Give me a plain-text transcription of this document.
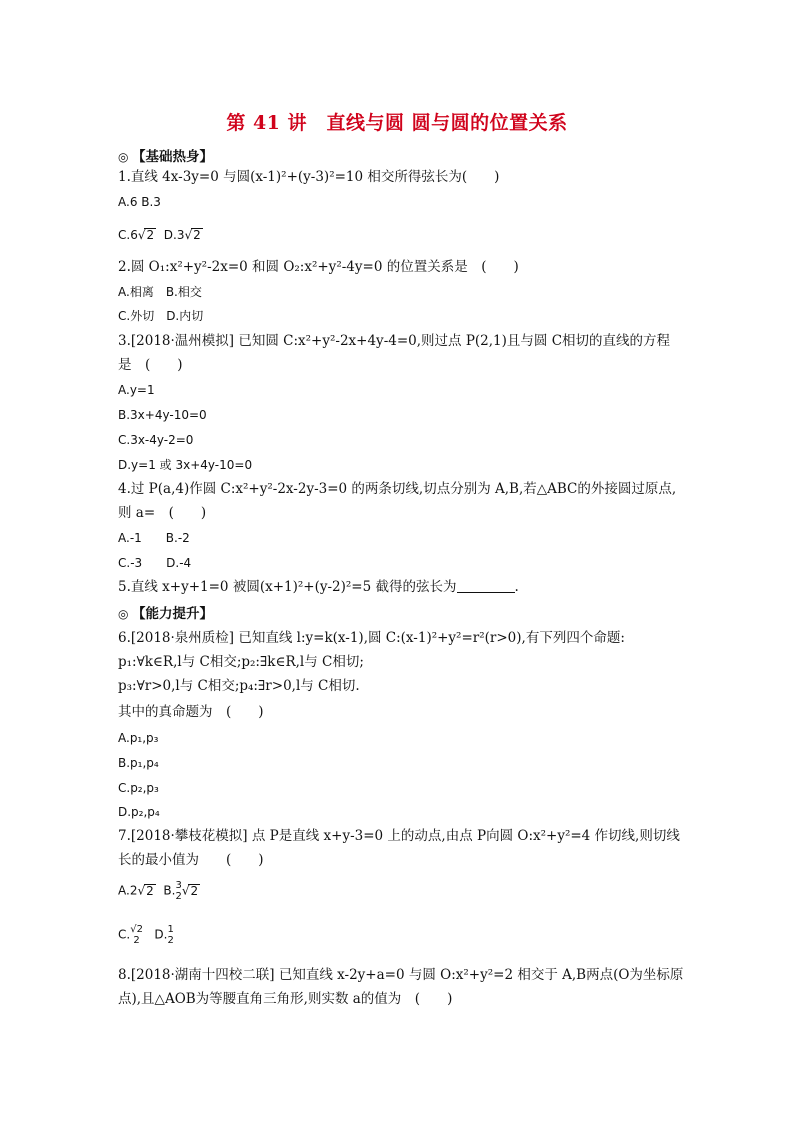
第 41 讲　直线与圆 圆与圆的位置关系
◎ 【基础热身】
1.直线 4x-3y=0 与圆(x-1)²+(y-3)²=10 相交所得弦长为(　　)
A.6 B.3
C.6√2 D.3√2
2.圆 O₁:x²+y²-2x=0 和圆 O₂:x²+y²-4y=0 的位置关系是　(　　)
A.相离　B.相交
C.外切　D.内切
3.[2018·温州模拟] 已知圆 C:x²+y²-2x+4y-4=0,则过点 P(2,1)且与圆 C相切的直线的方程
是　(　　)
A.y=1
B.3x+4y-10=0
C.3x-4y-2=0
D.y=1 或 3x+4y-10=0
4.过 P(a,4)作圆 C:x²+y²-2x-2y-3=0 的两条切线,切点分别为 A,B,若△ABC的外接圆过原点,
则 a=　(　　)
A.-1　　B.-2
C.-3　　D.-4
5.直线 x+y+1=0 被圆(x+1)²+(y-2)²=5 截得的弦长为	.
◎ 【能力提升】
6.[2018·泉州质检] 已知直线 l:y=k(x-1),圆 C:(x-1)²+y²=r²(r>0),有下列四个命题:
p₁:∀k∈R,l与 C相交;p₂:∃k∈R,l与 C相切;
p₃:∀r>0,l与 C相交;p₄:∃r>0,l与 C相切.
其中的真命题为　(　　)
A.p₁,p₃
B.p₁,p₄
C.p₂,p₃
D.p₂,p₄
7.[2018·攀枝花模拟] 点 P是直线 x+y-3=0 上的动点,由点 P向圆 O:x²+y²=4 作切线,则切线
长的最小值为　　(　　)
A.2√2 B. 3
2 √2
C. √2
2 D. 1
2
8.[2018·湖南十四校二联] 已知直线 x-2y+a=0 与圆 O:x²+y²=2 相交于 A,B两点(O为坐标原
点),且△AOB为等腰直角三角形,则实数 a的值为　(　　)
